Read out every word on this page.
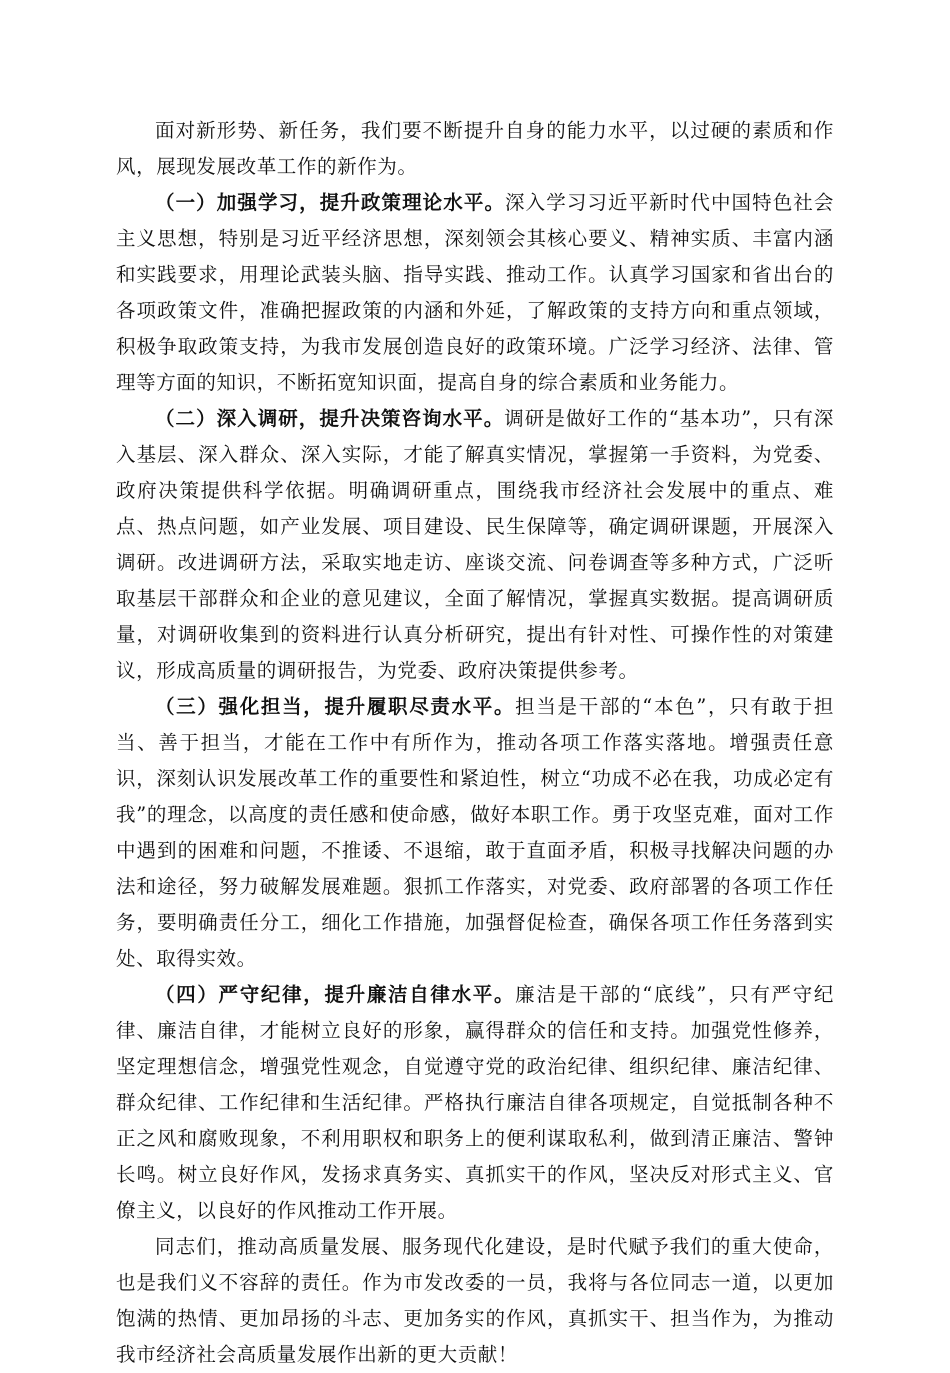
面对新形势、新任务，我们要不断提升自身的能力水平，以过硬的素质和作风，展现发展改革工作的新作为。

（一）加强学习，提升政策理论水平。深入学习习近平新时代中国特色社会主义思想，特别是习近平经济思想，深刻领会其核心要义、精神实质、丰富内涵和实践要求，用理论武装头脑、指导实践、推动工作。认真学习国家和省出台的各项政策文件，准确把握政策的内涵和外延，了解政策的支持方向和重点领域，积极争取政策支持，为我市发展创造良好的政策环境。广泛学习经济、法律、管理等方面的知识，不断拓宽知识面，提高自身的综合素质和业务能力。

（二）深入调研，提升决策咨询水平。调研是做好工作的“基本功”，只有深入基层、深入群众、深入实际，才能了解真实情况，掌握第一手资料，为党委、政府决策提供科学依据。明确调研重点，围绕我市经济社会发展中的重点、难点、热点问题，如产业发展、项目建设、民生保障等，确定调研课题，开展深入调研。改进调研方法，采取实地走访、座谈交流、问卷调查等多种方式，广泛听取基层干部群众和企业的意见建议，全面了解情况，掌握真实数据。提高调研质量，对调研收集到的资料进行认真分析研究，提出有针对性、可操作性的对策建议，形成高质量的调研报告，为党委、政府决策提供参考。

（三）强化担当，提升履职尽责水平。担当是干部的“本色”，只有敢于担当、善于担当，才能在工作中有所作为，推动各项工作落实落地。增强责任意识，深刻认识发展改革工作的重要性和紧迫性，树立“功成不必在我，功成必定有我”的理念，以高度的责任感和使命感，做好本职工作。勇于攻坚克难，面对工作中遇到的困难和问题，不推诿、不退缩，敢于直面矛盾，积极寻找解决问题的办法和途径，努力破解发展难题。狠抓工作落实，对党委、政府部署的各项工作任务，要明确责任分工，细化工作措施，加强督促检查，确保各项工作任务落到实处、取得实效。

（四）严守纪律，提升廉洁自律水平。廉洁是干部的“底线”，只有严守纪律、廉洁自律，才能树立良好的形象，赢得群众的信任和支持。加强党性修养，坚定理想信念，增强党性观念，自觉遵守党的政治纪律、组织纪律、廉洁纪律、群众纪律、工作纪律和生活纪律。严格执行廉洁自律各项规定，自觉抵制各种不正之风和腐败现象，不利用职权和职务上的便利谋取私利，做到清正廉洁、警钟长鸣。树立良好作风，发扬求真务实、真抓实干的作风，坚决反对形式主义、官僚主义，以良好的作风推动工作开展。

同志们，推动高质量发展、服务现代化建设，是时代赋予我们的重大使命，也是我们义不容辞的责任。作为市发改委的一员，我将与各位同志一道，以更加饱满的热情、更加昂扬的斗志、更加务实的作风，真抓实干、担当作为，为推动我市经济社会高质量发展作出新的更大贡献！
